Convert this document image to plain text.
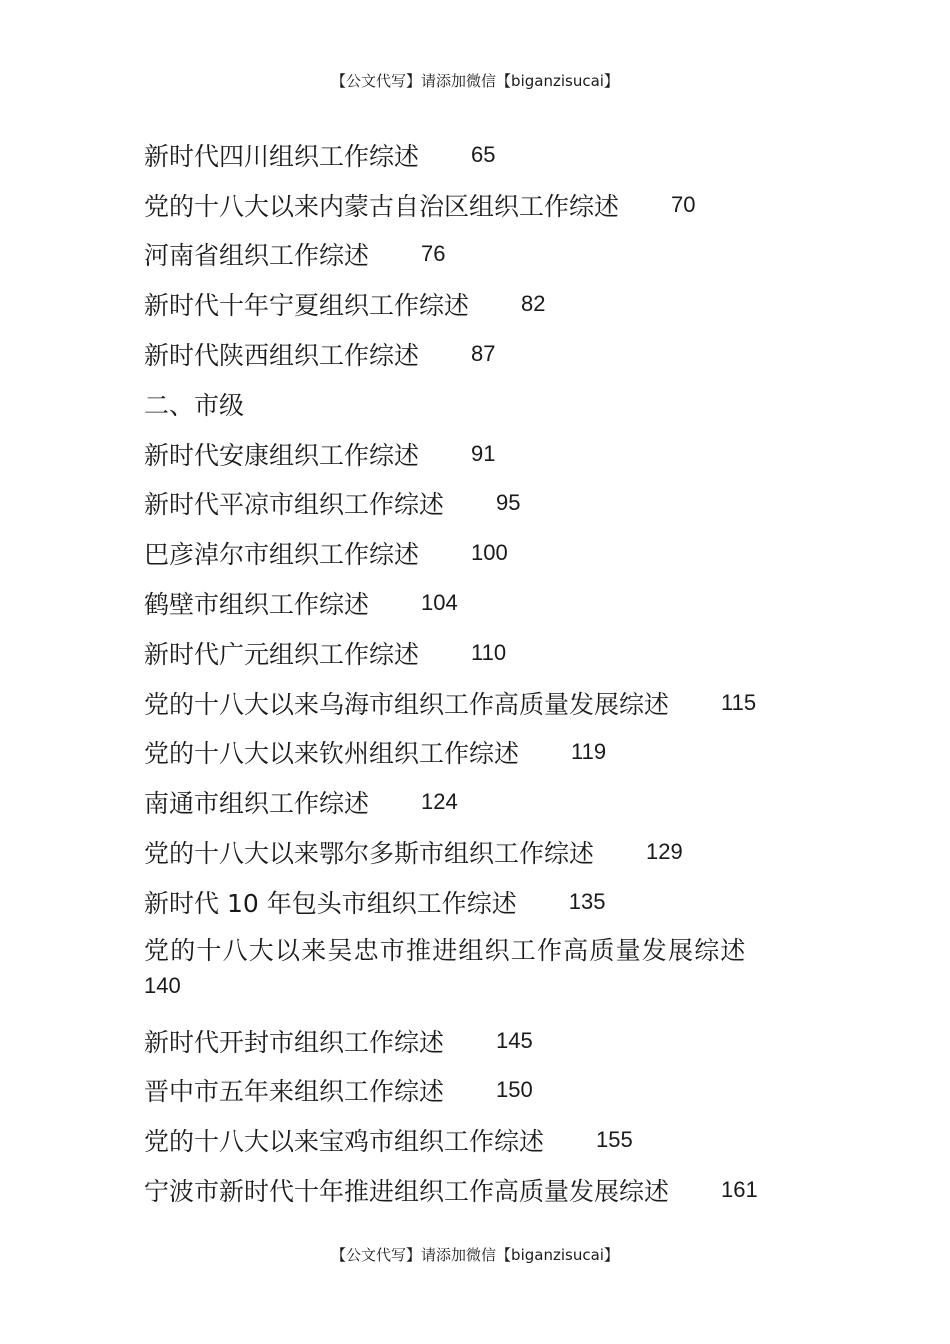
【公文代写】请添加微信【biganzisucai】
新时代四川组织工作综述 65
党的十八大以来内蒙古自治区组织工作综述 70
河南省组织工作综述 76
新时代十年宁夏组织工作综述 82
新时代陕西组织工作综述 87
二、市级
新时代安康组织工作综述 91
新时代平凉市组织工作综述 95
巴彦淖尔市组织工作综述 100
鹤壁市组织工作综述 104
新时代广元组织工作综述 110
党的十八大以来乌海市组织工作高质量发展综述 115
党的十八大以来钦州组织工作综述 119
南通市组织工作综述 124
党的十八大以来鄂尔多斯市组织工作综述 129
新时代 10 年包头市组织工作综述 135
党的十八大以来吴忠市推进组织工作高质量发展综述
140
新时代开封市组织工作综述 145
晋中市五年来组织工作综述 150
党的十八大以来宝鸡市组织工作综述 155
宁波市新时代十年推进组织工作高质量发展综述 161
【公文代写】请添加微信【biganzisucai】
